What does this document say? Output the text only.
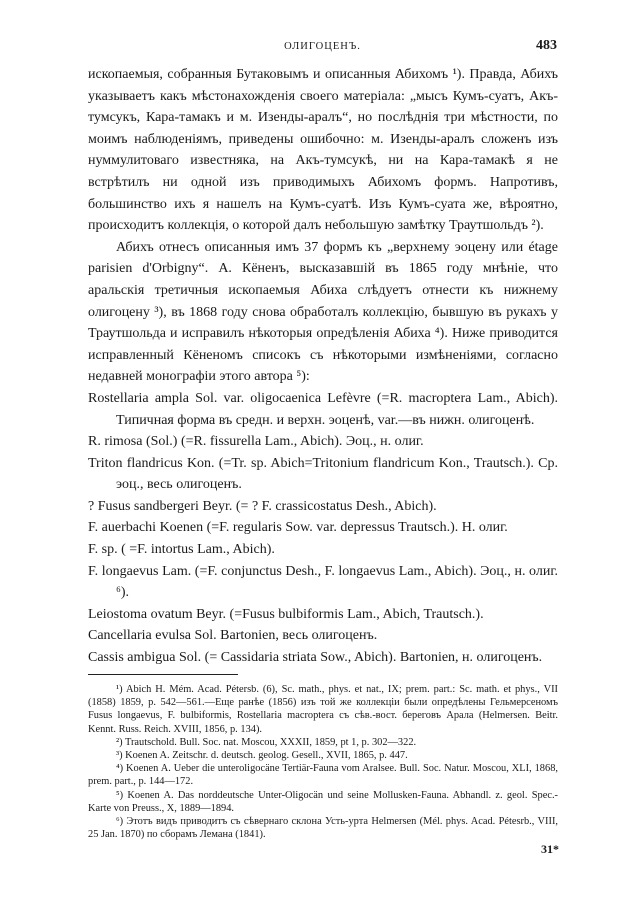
ОЛИГОЦЕНЪ.	483

ископаемыя, собранныя Бутаковымъ и описанныя Абихомъ ¹). Правда, Абихъ указываетъ какъ мѣстонахожденія своего матеріала: „мысъ Кумъ-суатъ, Акъ-тумсукъ, Кара-тамакъ и м. Изенды-аралъ“, но послѣднія три мѣстности, по моимъ наблюденіямъ, приведены ошибочно: м. Изенды-аралъ сложенъ изъ нуммулитоваго известняка, на Акъ-тумсукѣ, ни на Кара-тамакѣ я не встрѣтилъ ни одной изъ приводимыхъ Абихомъ формъ. Напротивъ, большинство ихъ я нашелъ на Кумъ-суатѣ. Изъ Кумъ-суата же, вѣроятно, происходитъ коллекція, о которой далъ небольшую замѣтку Траутшольдъ ²).

Абихъ отнесъ описанныя имъ 37 формъ къ „верхнему эоцену или étage parisien d'Orbigny“. А. Кёненъ, высказавшій въ 1865 году мнѣніе, что аральскія третичныя ископаемыя Абиха слѣдуетъ отнести къ нижнему олигоцену ³), въ 1868 году снова обработалъ коллекцію, бывшую въ рукахъ у Траутшольда и исправилъ нѣкоторыя опредѣленія Абиха ⁴). Ниже приводится исправленный Кёненомъ списокъ съ нѣкоторыми измѣненіями, согласно недавней монографіи этого автора ⁵):

Rostellaria ampla Sol. var. oligocaenica Lefèvre (=R. macroptera Lam., Abich). Типичная форма въ средн. и верхн. эоценѣ, var.—въ нижн. олигоценѣ.

R. rimosa (Sol.) (=R. fissurella Lam., Abich). Эоц., н. олиг.

Triton flandricus Kon. (=Tr. sp. Abich=Tritonium flandricum Kon., Trautsch.). Ср. эоц., весь олигоценъ.

? Fusus sandbergeri Beyr. (= ? F. crassicostatus Desh., Abich).

F. auerbachi Koenen (=F. regularis Sow. var. depressus Trautsch.). Н. олиг.

F. sp. ( =F. intortus Lam., Abich).

F. longaevus Lam. (=F. conjunctus Desh., F. longaevus Lam., Abich). Эоц., н. олиг. ⁶).

Leiostoma ovatum Beyr. (=Fusus bulbiformis Lam., Abich, Trautsch.).

Cancellaria evulsa Sol. Bartonien, весь олигоценъ.

Cassis ambigua Sol. (= Cassidaria striata Sow., Abich). Bartonien, н. олигоценъ.

¹) Abich H. Mém. Acad. Pétersb. (6), Sc. math., phys. et nat., IX; prem. part.: Sc. math. et phys., VII (1858) 1859, p. 542—561.—Еще ранѣе (1856) изъ той же коллекціи были опредѣлены Гельмерсеномъ Fusus longaevus, F. bulbiformis, Rostellaria macroptera съ сѣв.-вост. береговъ Арала (Helmersen. Beitr. Kennt. Russ. Reich. XVIII, 1856, p. 134).

²) Trautschold. Bull. Soc. nat. Moscou, XXXII, 1859, pt 1, p. 302—322.

³) Koenen A. Zeitschr. d. deutsch. geolog. Gesell., XVII, 1865, p. 447.

⁴) Koenen A. Ueber die unteroligocäne Tertiär-Fauna vom Aralsee. Bull. Soc. Natur. Moscou, XLI, 1868, prem. part., p. 144—172.

⁵) Koenen A. Das norddeutsche Unter-Oligocän und seine Mollusken-Fauna. Abhandl. z. geol. Spec.-Karte von Preuss., X, 1889—1894.

⁶) Этотъ видъ приводитъ съ сѣвернаго склона Усть-урта Helmersen (Mél. phys. Acad. Pétesrb., VIII, 25 Jan. 1870) по сборамъ Лемана (1841).

31*
